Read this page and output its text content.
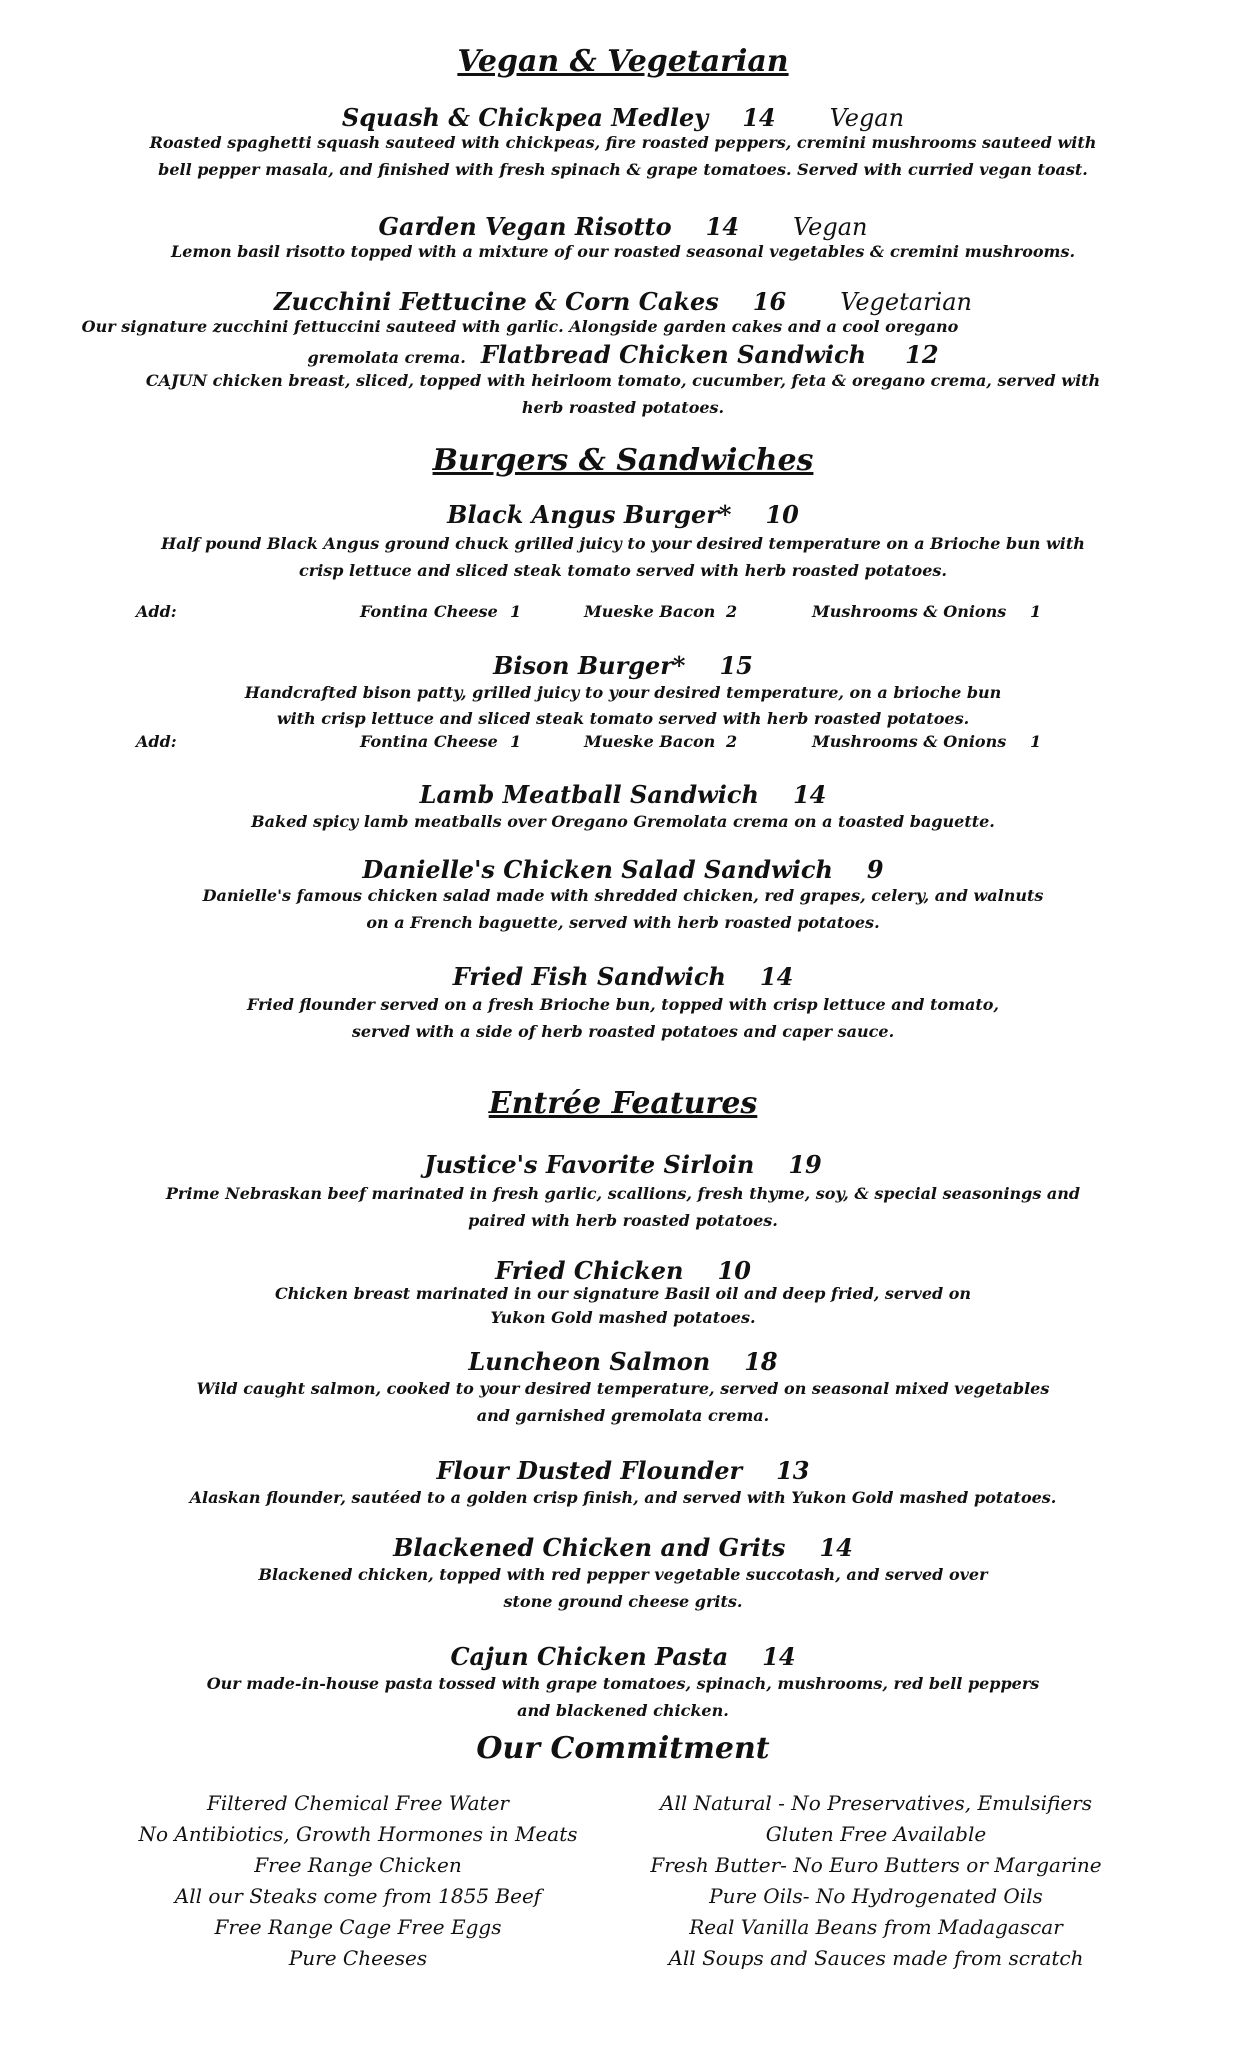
Vegan & Vegetarian
Squash & Chickpea Medley 14 Vegan
Roasted spaghetti squash sauteed with chickpeas, fire roasted peppers, cremini mushrooms sauteed with
bell pepper masala, and finished with fresh spinach & grape tomatoes. Served with curried vegan toast.
Garden Vegan Risotto 14 Vegan
Lemon basil risotto topped with a mixture of our roasted seasonal vegetables & cremini mushrooms.
Zucchini Fettucine & Corn Cakes 16 Vegetarian
Our signature zucchini fettuccini sauteed with garlic. Alongside garden cakes and a cool oregano
gremolata crema. Flatbread Chicken Sandwich 12
CAJUN chicken breast, sliced, topped with heirloom tomato, cucumber, feta & oregano crema, served with
herb roasted potatoes.
Burgers & Sandwiches
Black Angus Burger* 10
Half pound Black Angus ground chuck grilled juicy to your desired temperature on a Brioche bun with
crisp lettuce and sliced steak tomato served with herb roasted potatoes.
Add:	Fontina Cheese 1	Mueske Bacon 2	Mushrooms & Onions 1
Bison Burger* 15
Handcrafted bison patty, grilled juicy to your desired temperature, on a brioche bun
with crisp lettuce and sliced steak tomato served with herb roasted potatoes.
Add:	Fontina Cheese 1	Mueske Bacon 2	Mushrooms & Onions 1
Lamb Meatball Sandwich 14
Baked spicy lamb meatballs over Oregano Gremolata crema on a toasted baguette.
Danielle's Chicken Salad Sandwich 9
Danielle's famous chicken salad made with shredded chicken, red grapes, celery, and walnuts
on a French baguette, served with herb roasted potatoes.
Fried Fish Sandwich 14
Fried flounder served on a fresh Brioche bun, topped with crisp lettuce and tomato,
served with a side of herb roasted potatoes and caper sauce.
Entrée Features
Justice's Favorite Sirloin 19
Prime Nebraskan beef marinated in fresh garlic, scallions, fresh thyme, soy, & special seasonings and
paired with herb roasted potatoes.
Fried Chicken 10
Chicken breast marinated in our signature Basil oil and deep fried, served on
Yukon Gold mashed potatoes.
Luncheon Salmon 18
Wild caught salmon, cooked to your desired temperature, served on seasonal mixed vegetables
and garnished gremolata crema.
Flour Dusted Flounder 13
Alaskan flounder, sautéed to a golden crisp finish, and served with Yukon Gold mashed potatoes.
Blackened Chicken and Grits 14
Blackened chicken, topped with red pepper vegetable succotash, and served over
stone ground cheese grits.
Cajun Chicken Pasta 14
Our made-in-house pasta tossed with grape tomatoes, spinach, mushrooms, red bell peppers
and blackened chicken.
Our Commitment
Filtered Chemical Free Water
No Antibiotics, Growth Hormones in Meats
Free Range Chicken
All our Steaks come from 1855 Beef
Free Range Cage Free Eggs
Pure Cheeses
All Natural - No Preservatives, Emulsifiers
Gluten Free Available
Fresh Butter- No Euro Butters or Margarine
Pure Oils- No Hydrogenated Oils
Real Vanilla Beans from Madagascar
All Soups and Sauces made from scratch
